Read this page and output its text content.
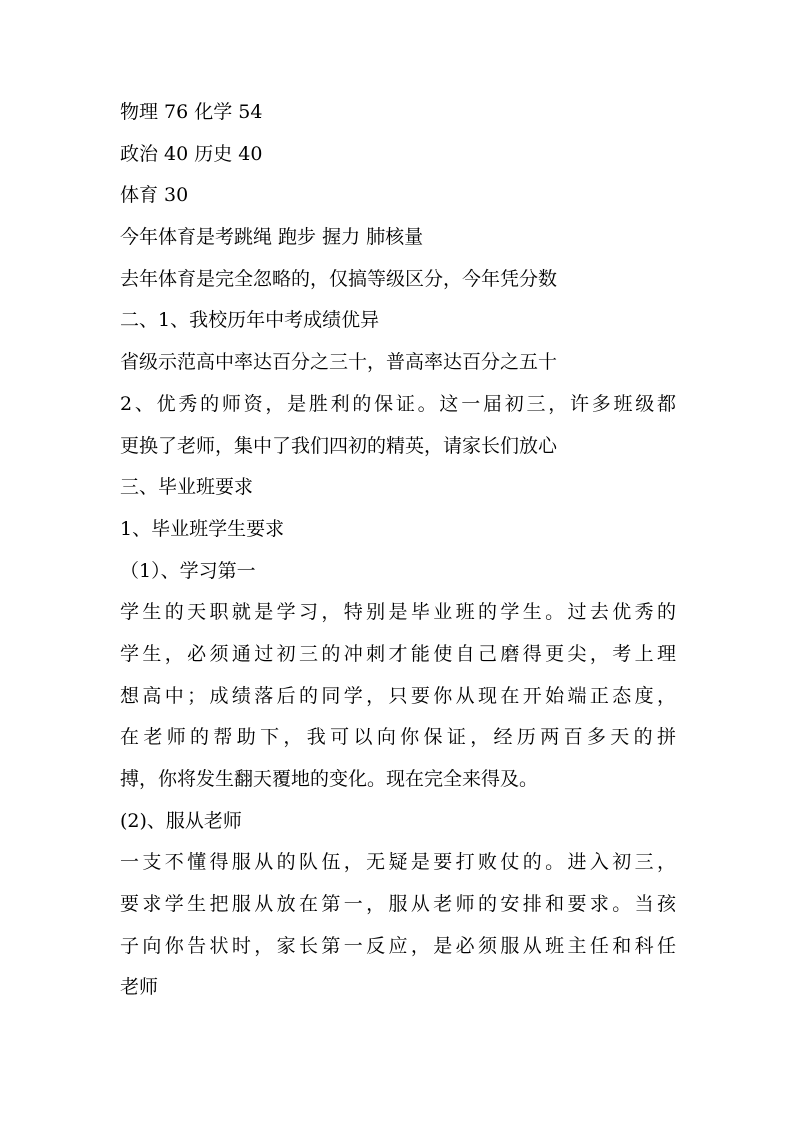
物理 76 化学 54

政治 40 历史 40

体育 30

今年体育是考跳绳 跑步 握力 肺核量

去年体育是完全忽略的，仅搞等级区分，今年凭分数

二、1、我校历年中考成绩优异

省级示范高中率达百分之三十，普高率达百分之五十

2、优秀的师资，是胜利的保证。这一届初三，许多班级都

更换了老师，集中了我们四初的精英，请家长们放心

三、毕业班要求

1、毕业班学生要求

（1）、学习第一

学生的天职就是学习，特别是毕业班的学生。过去优秀的

学生，必须通过初三的冲刺才能使自己磨得更尖，考上理

想高中；成绩落后的同学，只要你从现在开始端正态度，

在老师的帮助下，我可以向你保证，经历两百多天的拼

搏，你将发生翻天覆地的变化。现在完全来得及。

(2)、服从老师

一支不懂得服从的队伍，无疑是要打败仗的。进入初三，

要求学生把服从放在第一，服从老师的安排和要求。当孩

子向你告状时，家长第一反应，是必须服从班主任和科任

老师
